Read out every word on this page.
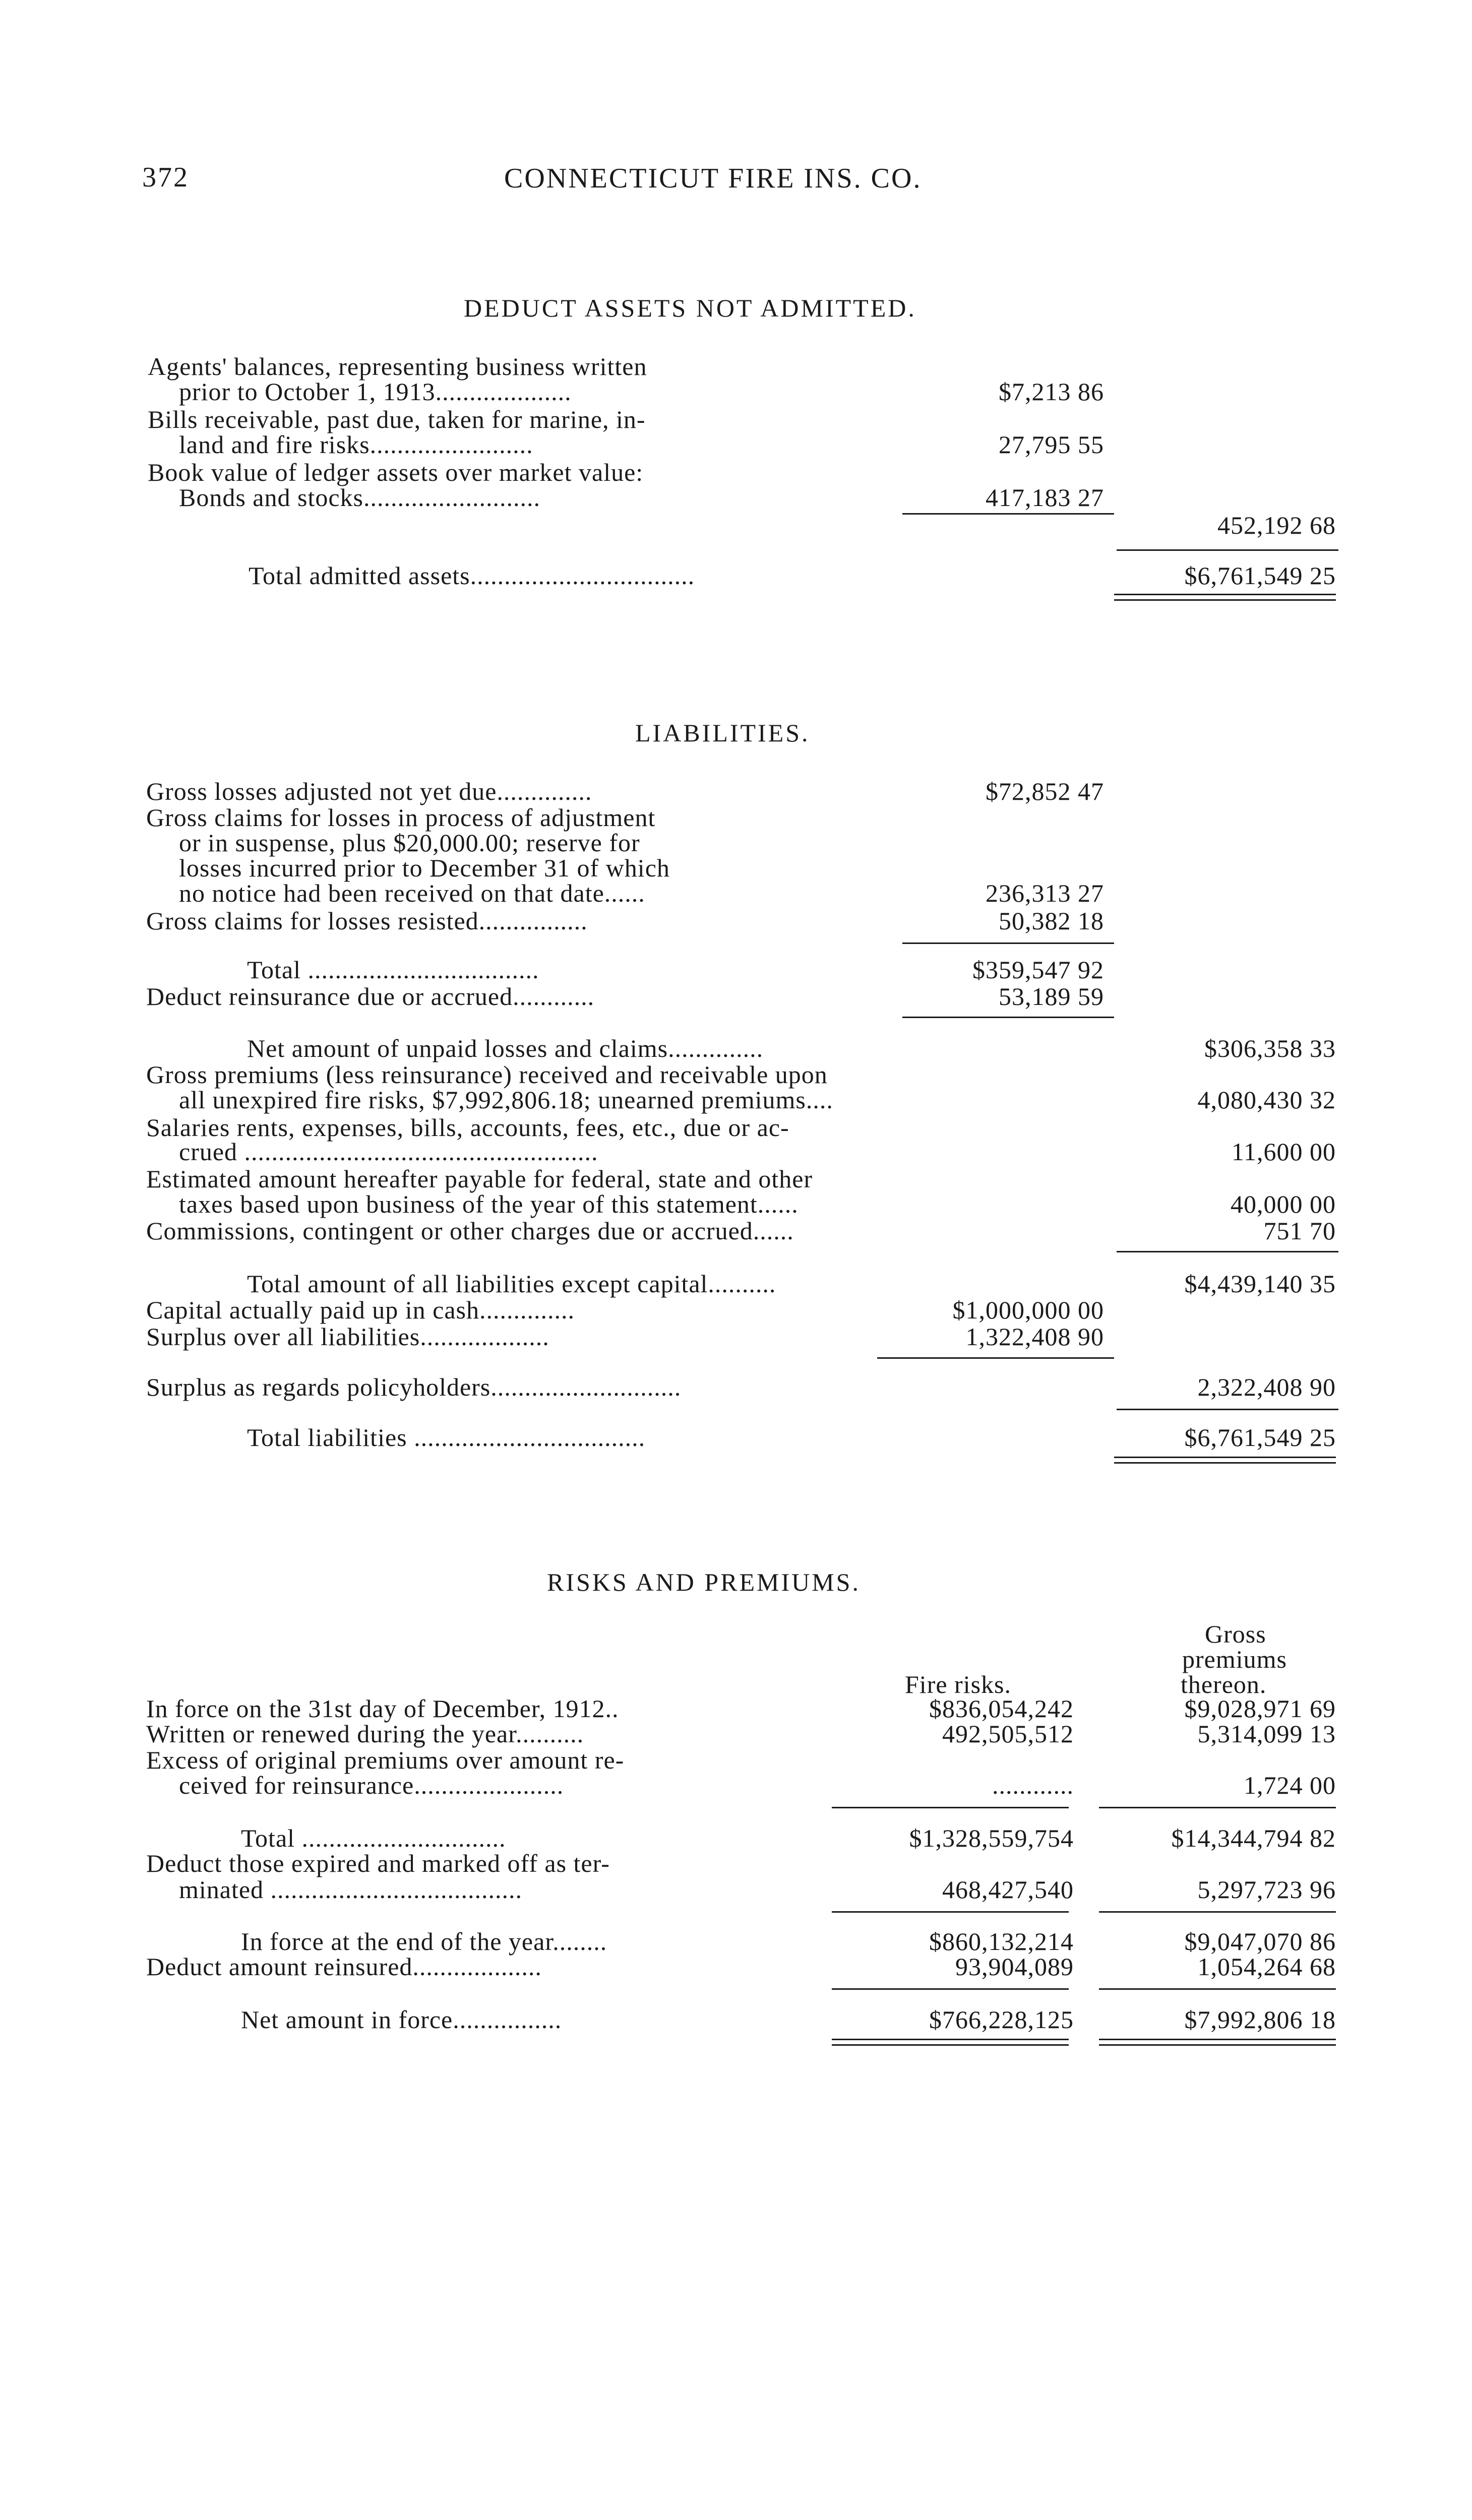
372	CONNECTICUT FIRE INS. CO.
DEDUCT ASSETS NOT ADMITTED.
Agents' balances, representing business written
prior to October 1, 1913....................	$7,213 86
Bills receivable, past due, taken for marine, in-
land and fire risks........................	27,795 55
Book value of ledger assets over market value:
Bonds and stocks..........................	417,183 27
452,192 68
Total admitted assets.................................	$6,761,549 25
LIABILITIES.
Gross losses adjusted not yet due..............	$72,852 47
Gross claims for losses in process of adjustment
or in suspense, plus $20,000.00; reserve for
losses incurred prior to December 31 of which
no notice had been received on that date......	236,313 27
Gross claims for losses resisted................	50,382 18
Total ..................................	$359,547 92
Deduct reinsurance due or accrued............	53,189 59
Net amount of unpaid losses and claims..............	$306,358 33
Gross premiums (less reinsurance) received and receivable upon
all unexpired fire risks, $7,992,806.18; unearned premiums....	4,080,430 32
Salaries rents, expenses, bills, accounts, fees, etc., due or ac-
crued ....................................................	11,600 00
Estimated amount hereafter payable for federal, state and other
taxes based upon business of the year of this statement......	40,000 00
Commissions, contingent or other charges due or accrued......	751 70
Total amount of all liabilities except capital..........	$4,439,140 35
Capital actually paid up in cash..............	$1,000,000 00
Surplus over all liabilities...................	1,322,408 90
Surplus as regards policyholders............................	2,322,408 90
Total liabilities ..................................	$6,761,549 25
RISKS AND PREMIUMS.
Gross
premiums
thereon.
Fire risks.
In force on the 31st day of December, 1912..	$836,054,242	$9,028,971 69
Written or renewed during the year..........	492,505,512	5,314,099 13
Excess of original premiums over amount re-
ceived for reinsurance......................	............	1,724 00
Total ..............................	$1,328,559,754	$14,344,794 82
Deduct those expired and marked off as ter-
minated .....................................	468,427,540	5,297,723 96
In force at the end of the year........	$860,132,214	$9,047,070 86
Deduct amount reinsured...................	93,904,089	1,054,264 68
Net amount in force................	$766,228,125	$7,992,806 18
